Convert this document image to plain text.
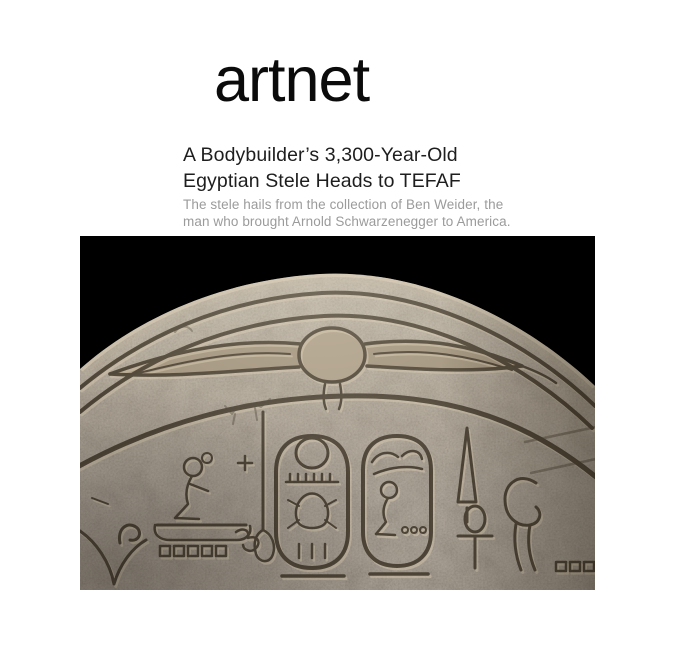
artnet
A Bodybuilder’s 3,300-Year-Old
Egyptian Stele Heads to TEFAF

The stele hails from the collection of Ben Weider, the
man who brought Arnold Schwarzenegger to America.
